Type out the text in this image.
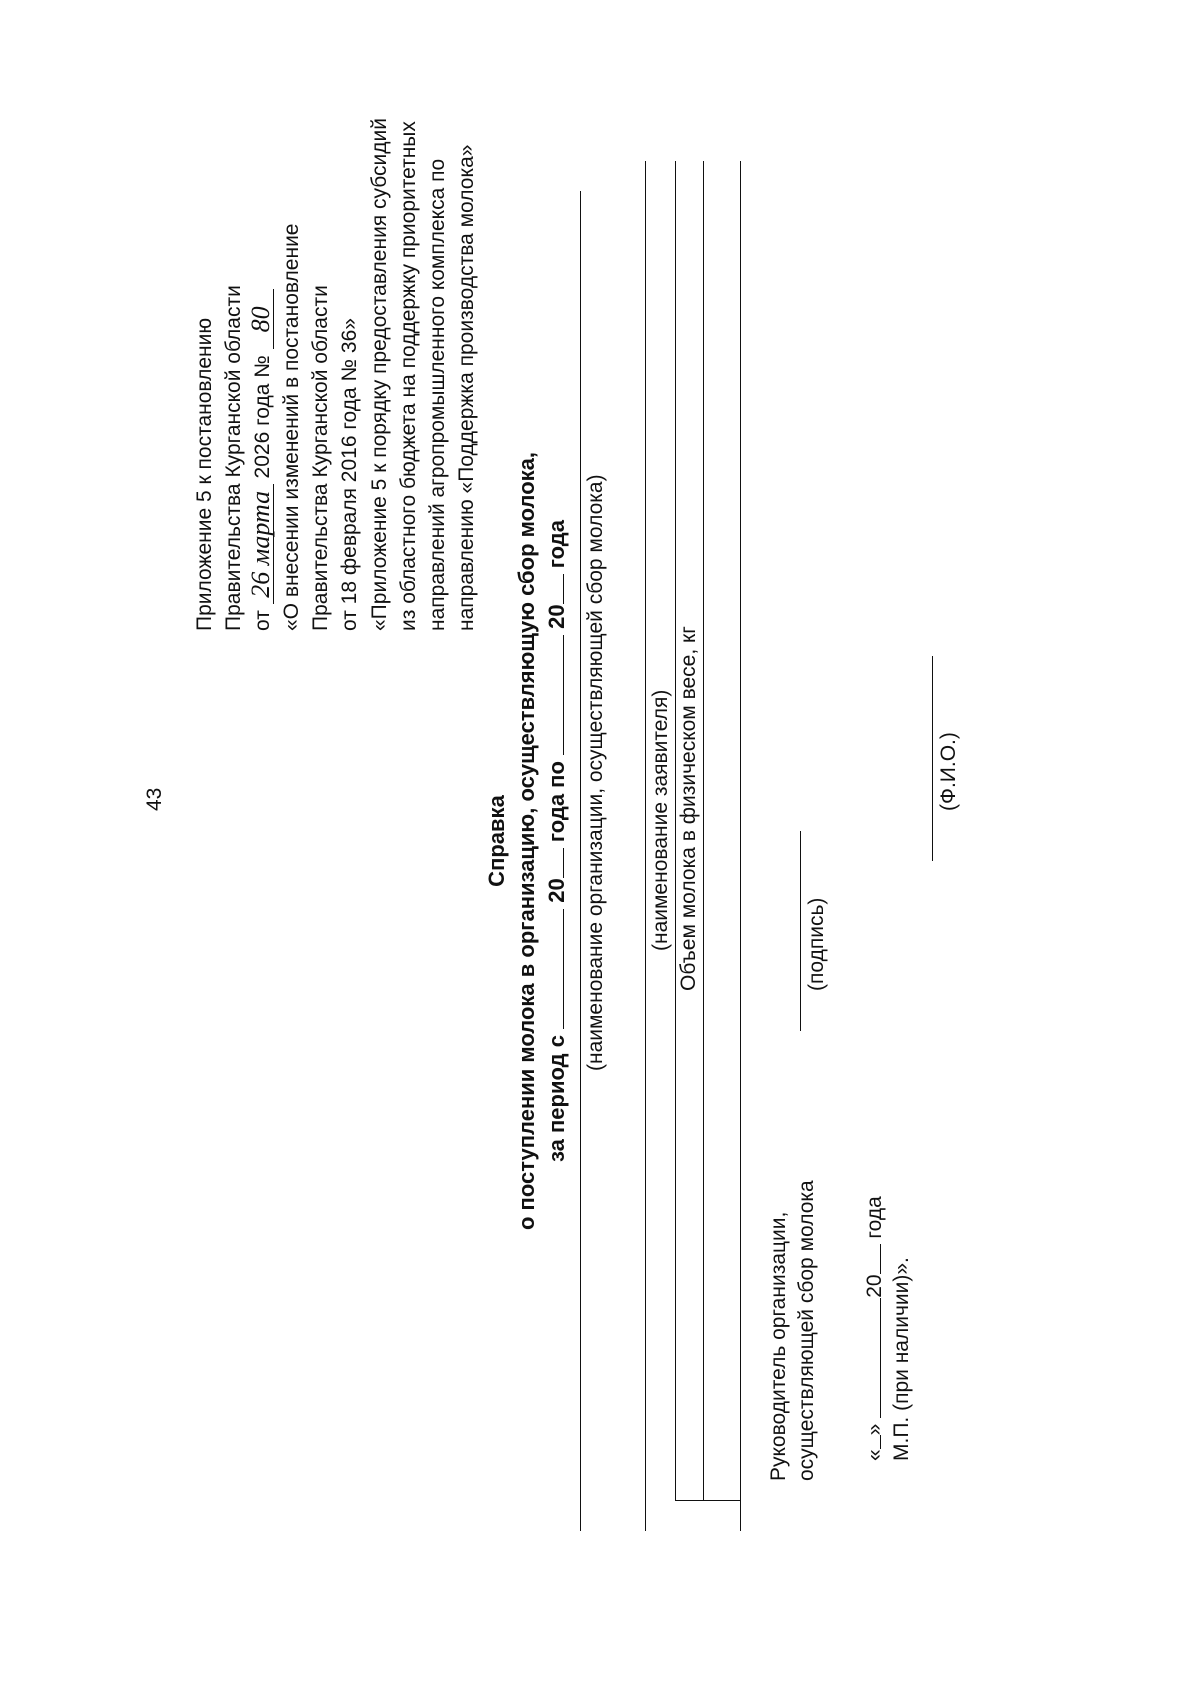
43
Приложение 5 к постановлению Правительства Курганской области от 26 марта 2026 года № 80 «О внесении изменений в постановление Правительства Курганской области от 18 февраля 2016 года № 36» «Приложение 5 к порядку предоставления субсидий из областного бюджета на поддержку приоритетных направлений агропромышленного комплекса по направлению «Поддержка производства молока»
Справка о поступлении молока в организацию, осуществляющую сбор молока, за период с  20 года по  20 года (наименование организации, осуществляющей сбор молока) (наименование заявителя) Объем молока в физическом весе, кг
Руководитель организации, осуществляющей сбор молока
(подпись)
(Ф.И.О.)
«» 20 года
М.П. (при наличии)».
